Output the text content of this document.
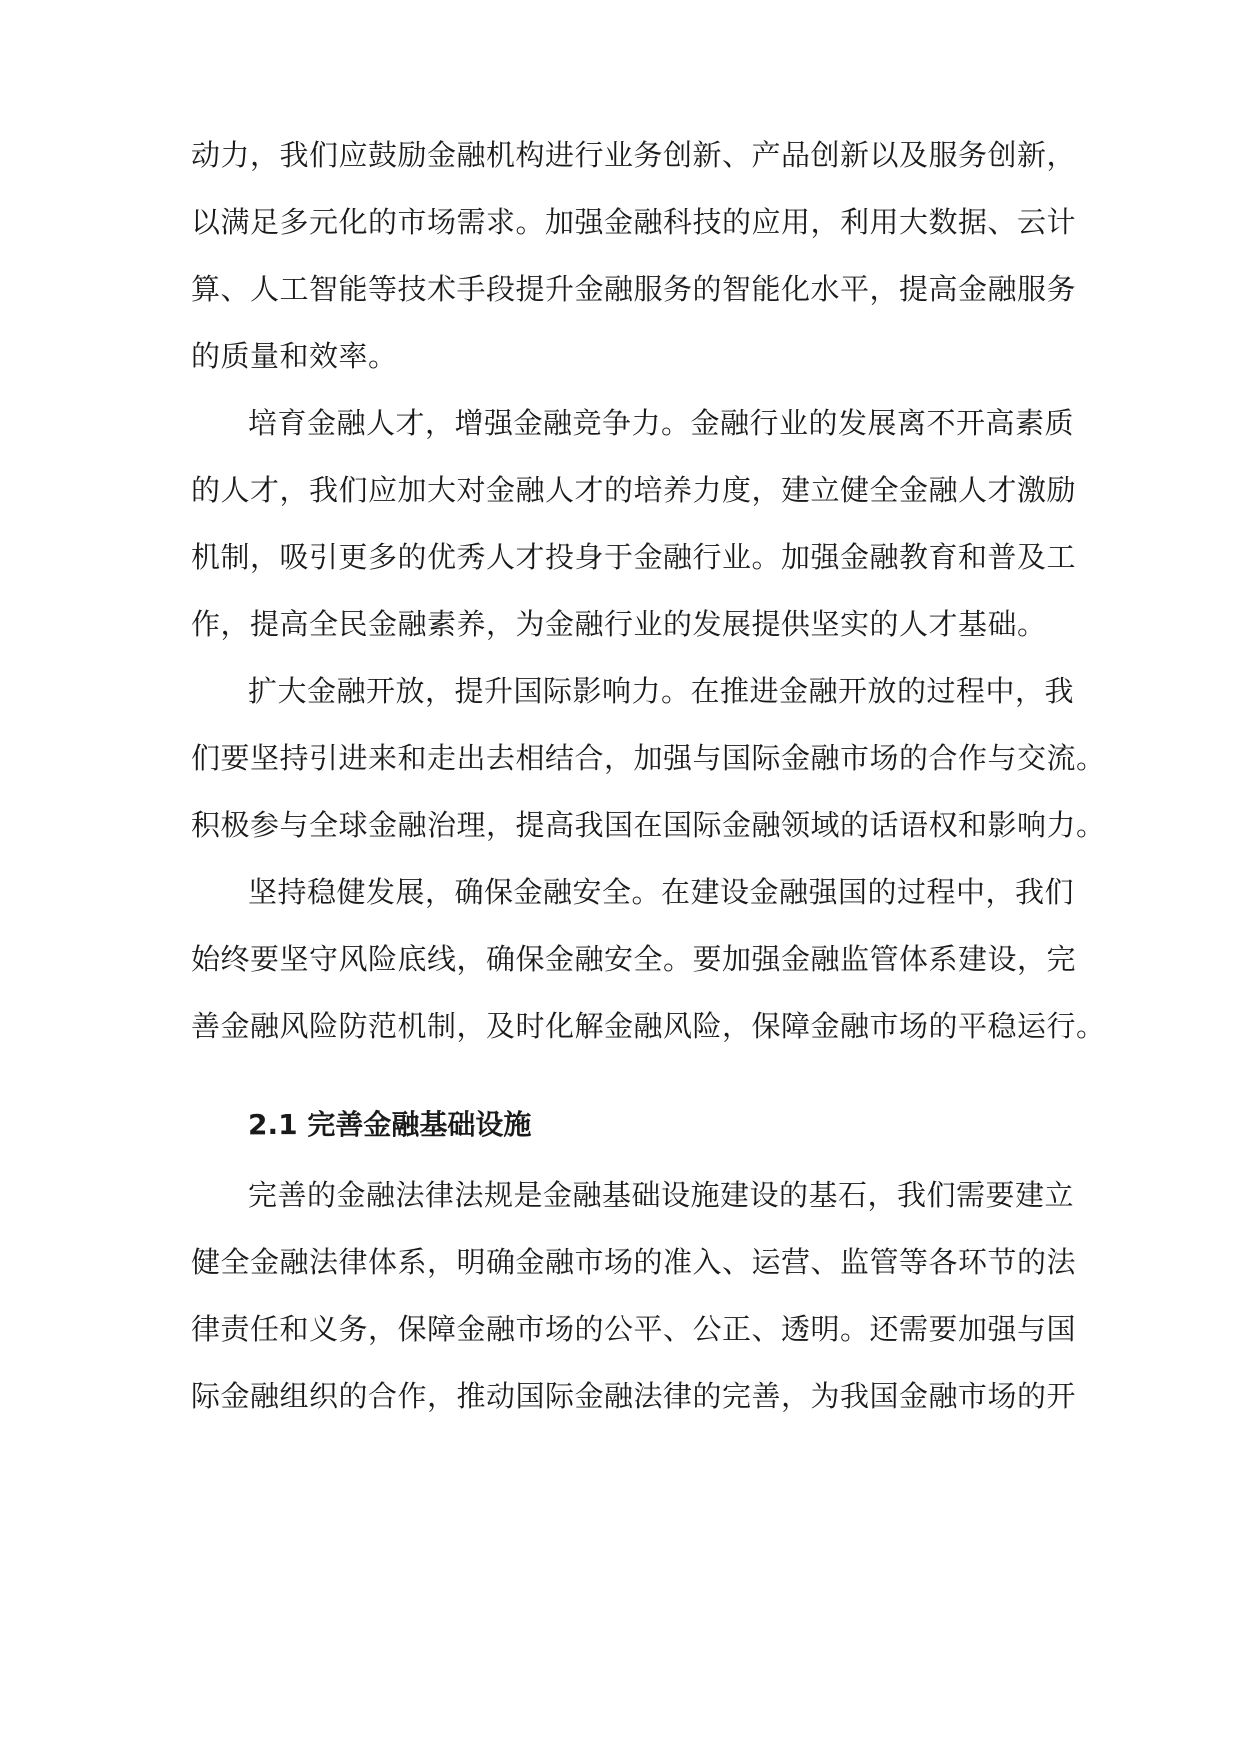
动力，我们应鼓励金融机构进行业务创新、产品创新以及服务创新，
以满足多元化的市场需求。加强金融科技的应用，利用大数据、云计
算、人工智能等技术手段提升金融服务的智能化水平，提高金融服务
的质量和效率。
培育金融人才，增强金融竞争力。金融行业的发展离不开高素质
的人才，我们应加大对金融人才的培养力度，建立健全金融人才激励
机制，吸引更多的优秀人才投身于金融行业。加强金融教育和普及工
作，提高全民金融素养，为金融行业的发展提供坚实的人才基础。
扩大金融开放，提升国际影响力。在推进金融开放的过程中，我
们要坚持引进来和走出去相结合，加强与国际金融市场的合作与交流。
积极参与全球金融治理，提高我国在国际金融领域的话语权和影响力。
坚持稳健发展，确保金融安全。在建设金融强国的过程中，我们
始终要坚守风险底线，确保金融安全。要加强金融监管体系建设，完
善金融风险防范机制，及时化解金融风险，保障金融市场的平稳运行。
2.1 完善金融基础设施
完善的金融法律法规是金融基础设施建设的基石，我们需要建立
健全金融法律体系，明确金融市场的准入、运营、监管等各环节的法
律责任和义务，保障金融市场的公平、公正、透明。还需要加强与国
际金融组织的合作，推动国际金融法律的完善，为我国金融市场的开
